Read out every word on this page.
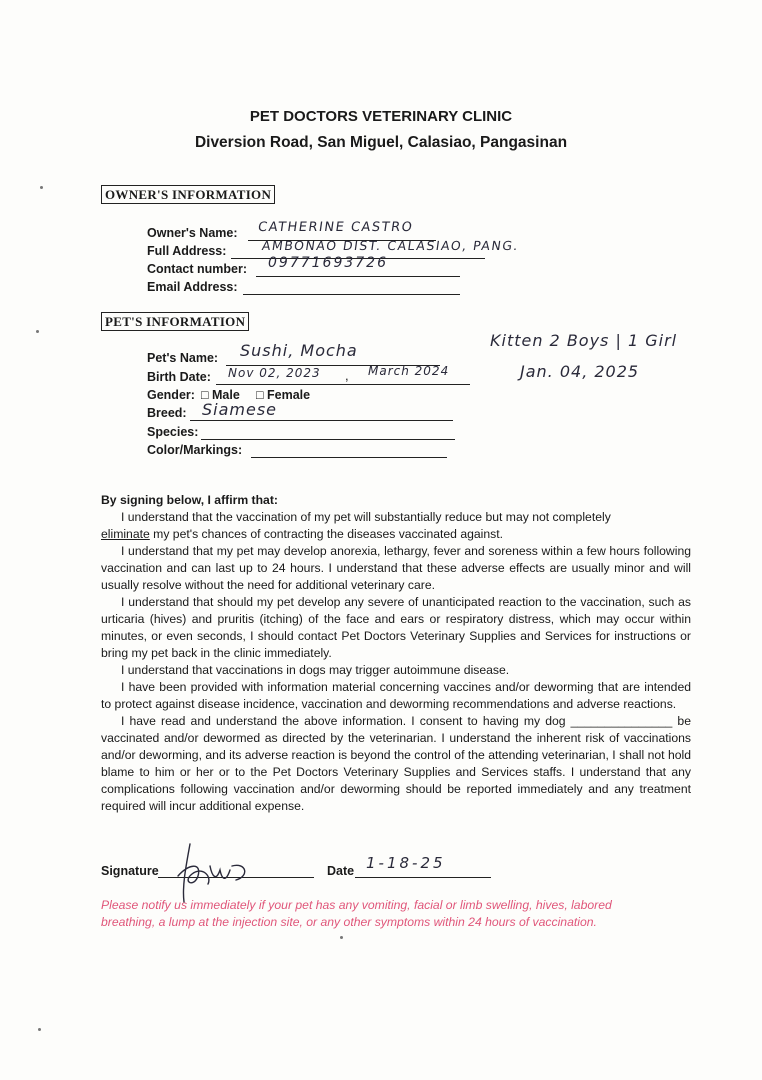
PET DOCTORS VETERINARY CLINIC
Diversion Road, San Miguel, Calasiao, Pangasinan
OWNER'S INFORMATION
Owner's Name: CATHERINE CASTRO
Full Address:	AMBONAO DIST. CALASIAO, PANG.
Contact number: 09771693726
Email Address:
PET'S INFORMATION
Pet's Name: Sushi, Mocha
Birth Date: Nov 02, 2023 , March 2024
Gender: □ Male □ Female
Breed: Siamese
Species:
Color/Markings:
Kitten 2 Boys | 1 Girl
Jan. 04, 2025

By signing below, I affirm that:

I understand that the vaccination of my pet will substantially reduce but may not completely
eliminate my pet's chances of contracting the diseases vaccinated against.

I understand that my pet may develop anorexia, lethargy, fever and soreness within a few hours following vaccination and can last up to 24 hours. I understand that these adverse effects are usually minor and will usually resolve without the need for additional veterinary care.

I understand that should my pet develop any severe of unanticipated reaction to the vaccination, such as urticaria (hives) and pruritis (itching) of the face and ears or respiratory distress, which may occur within minutes, or even seconds, I should contact Pet Doctors Veterinary Supplies and Services for instructions or bring my pet back in the clinic immediately.

I understand that vaccinations in dogs may trigger autoimmune disease.

I have been provided with information material concerning vaccines and/or deworming that are intended to protect against disease incidence, vaccination and deworming recommendations and adverse reactions.

I have read and understand the above information. I consent to having my dog _______________ be vaccinated and/or dewormed as directed by the veterinarian. I understand the inherent risk of vaccinations and/or deworming, and its adverse reaction is beyond the control of the attending veterinarian, I shall not hold blame to him or her or to the Pet Doctors Veterinary Supplies and Services staffs. I understand that any complications following vaccination and/or deworming should be reported immediately and any treatment required will incur additional expense.

Signature	Date 1-18-25
Please notify us immediately if your pet has any vomiting, facial or limb swelling, hives, labored
breathing, a lump at the injection site, or any other symptoms within 24 hours of vaccination.
